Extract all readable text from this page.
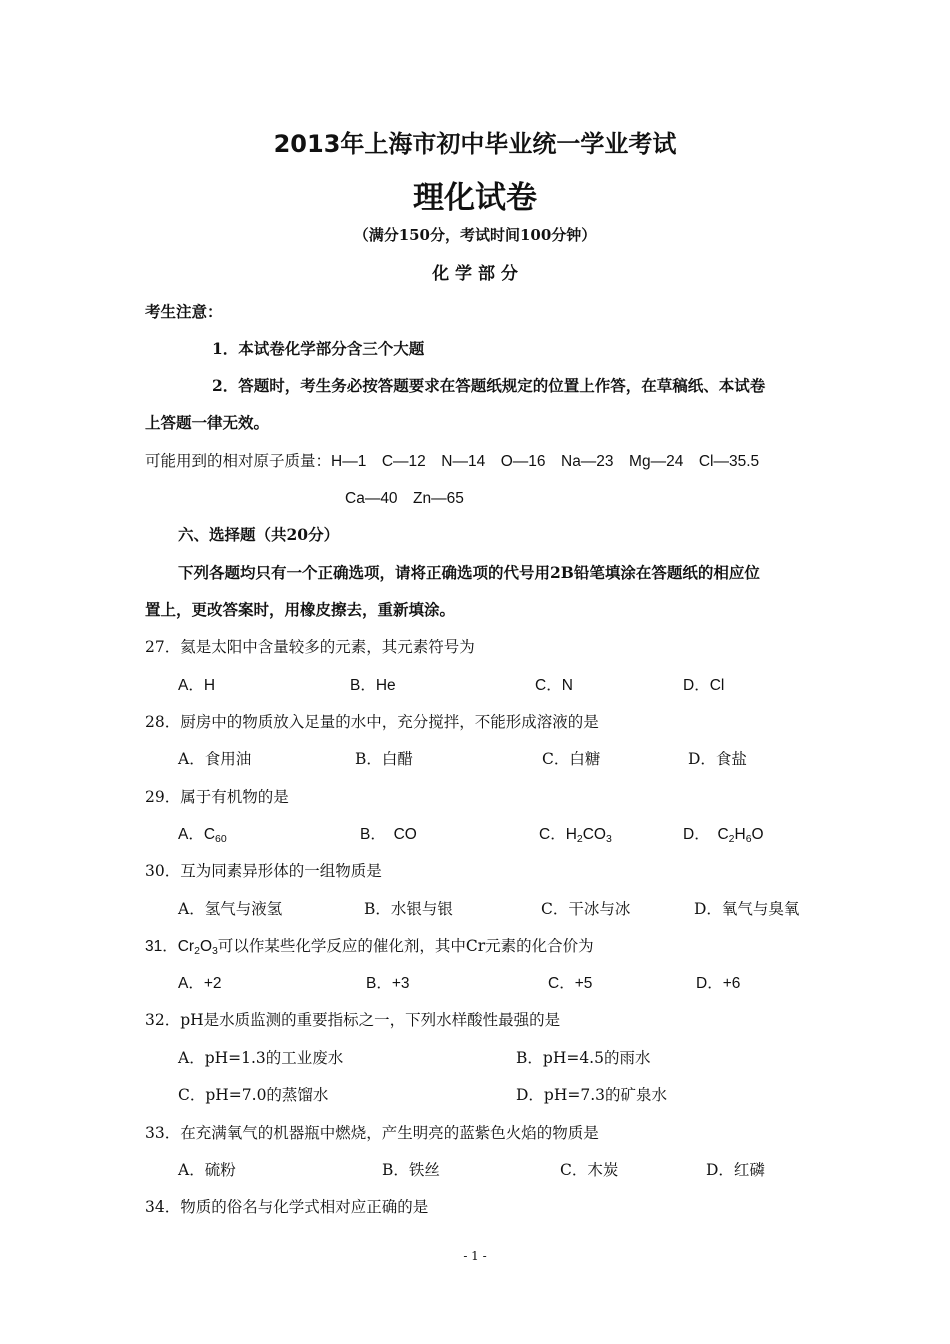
2013年上海市初中毕业统一学业考试
理化试卷
（满分150分，考试时间100分钟）
化 学 部 分
考生注意：
1．本试卷化学部分含三个大题
2．答题时，考生务必按答题要求在答题纸规定的位置上作答，在草稿纸、本试卷
上答题一律无效。
可能用到的相对原子质量：H—1　C—12　N—14　O—16　Na—23　Mg—24　Cl—35.5
Ca—40　Zn—65
六、选择题（共20分）
下列各题均只有一个正确选项，请将正确选项的代号用2B铅笔填涂在答题纸的相应位
置上，更改答案时，用橡皮擦去，重新填涂。
27．氦是太阳中含量较多的元素，其元素符号为
A．H	B．He	C．N	D．Cl
28．厨房中的物质放入足量的水中，充分搅拌，不能形成溶液的是
A．食用油	B．白醋	C．白糖	D．食盐
29．属于有机物的是
A．$C_{60}$	B．　CO	C．$H_2CO_3$	D．　$C_2H_6O$
30．互为同素异形体的一组物质是
A．氢气与液氢	B．水银与银	C．干冰与冰	D．氧气与臭氧
31．$Cr_2O_3$可以作某些化学反应的催化剂，其中Cr元素的化合价为
A．+2	B．+3	C．+5	D．+6
32．pH是水质监测的重要指标之一，下列水样酸性最强的是
A．pH=1.3的工业废水	B．pH=4.5的雨水
C．pH=7.0的蒸馏水	D．pH=7.3的矿泉水
33．在充满氧气的机器瓶中燃烧，产生明亮的蓝紫色火焰的物质是
A．硫粉	B．铁丝	C．木炭	D．红磷
34．物质的俗名与化学式相对应正确的是
- 1 -
